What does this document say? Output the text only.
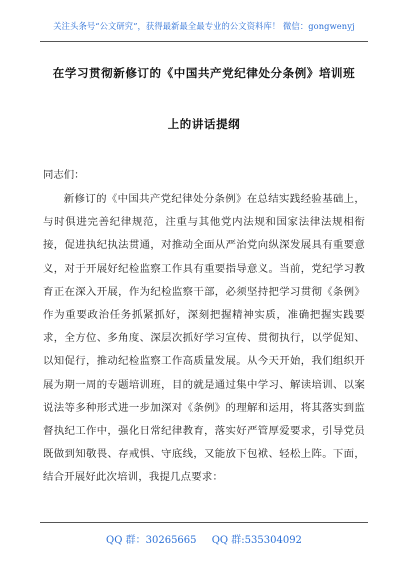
关注头条号“公文研究”，获得最新最全最专业的公文资料库！ 微信：gongwenyj
在学习贯彻新修订的《中国共产党纪律处分条例》培训班
上的讲话提纲
同志们：
新修订的《中国共产党纪律处分条例》在总结实践经验基础上，与时俱进完善纪律规范，注重与其他党内法规和国家法律法规相衔接，促进执纪执法贯通，对推动全面从严治党向纵深发展具有重要意义，对于开展好纪检监察工作具有重要指导意义。当前，党纪学习教育正在深入开展，作为纪检监察干部，必须坚持把学习贯彻《条例》作为重要政治任务抓紧抓好，深刻把握精神实质，准确把握实践要求，全方位、多角度、深层次抓好学习宣传、贯彻执行，以学促知、以知促行，推动纪检监察工作高质量发展。从今天开始，我们组织开展为期一周的专题培训班，目的就是通过集中学习、解读培训、以案说法等多种形式进一步加深对《条例》的理解和运用，将其落实到监督执纪工作中，强化日常纪律教育，落实好严管厚爱要求，引导党员既做到知敬畏、存戒惧、守底线，又能放下包袱、轻松上阵。下面，结合开展好此次培训，我提几点要求：
QQ 群：30265665 QQ 群:535304092
